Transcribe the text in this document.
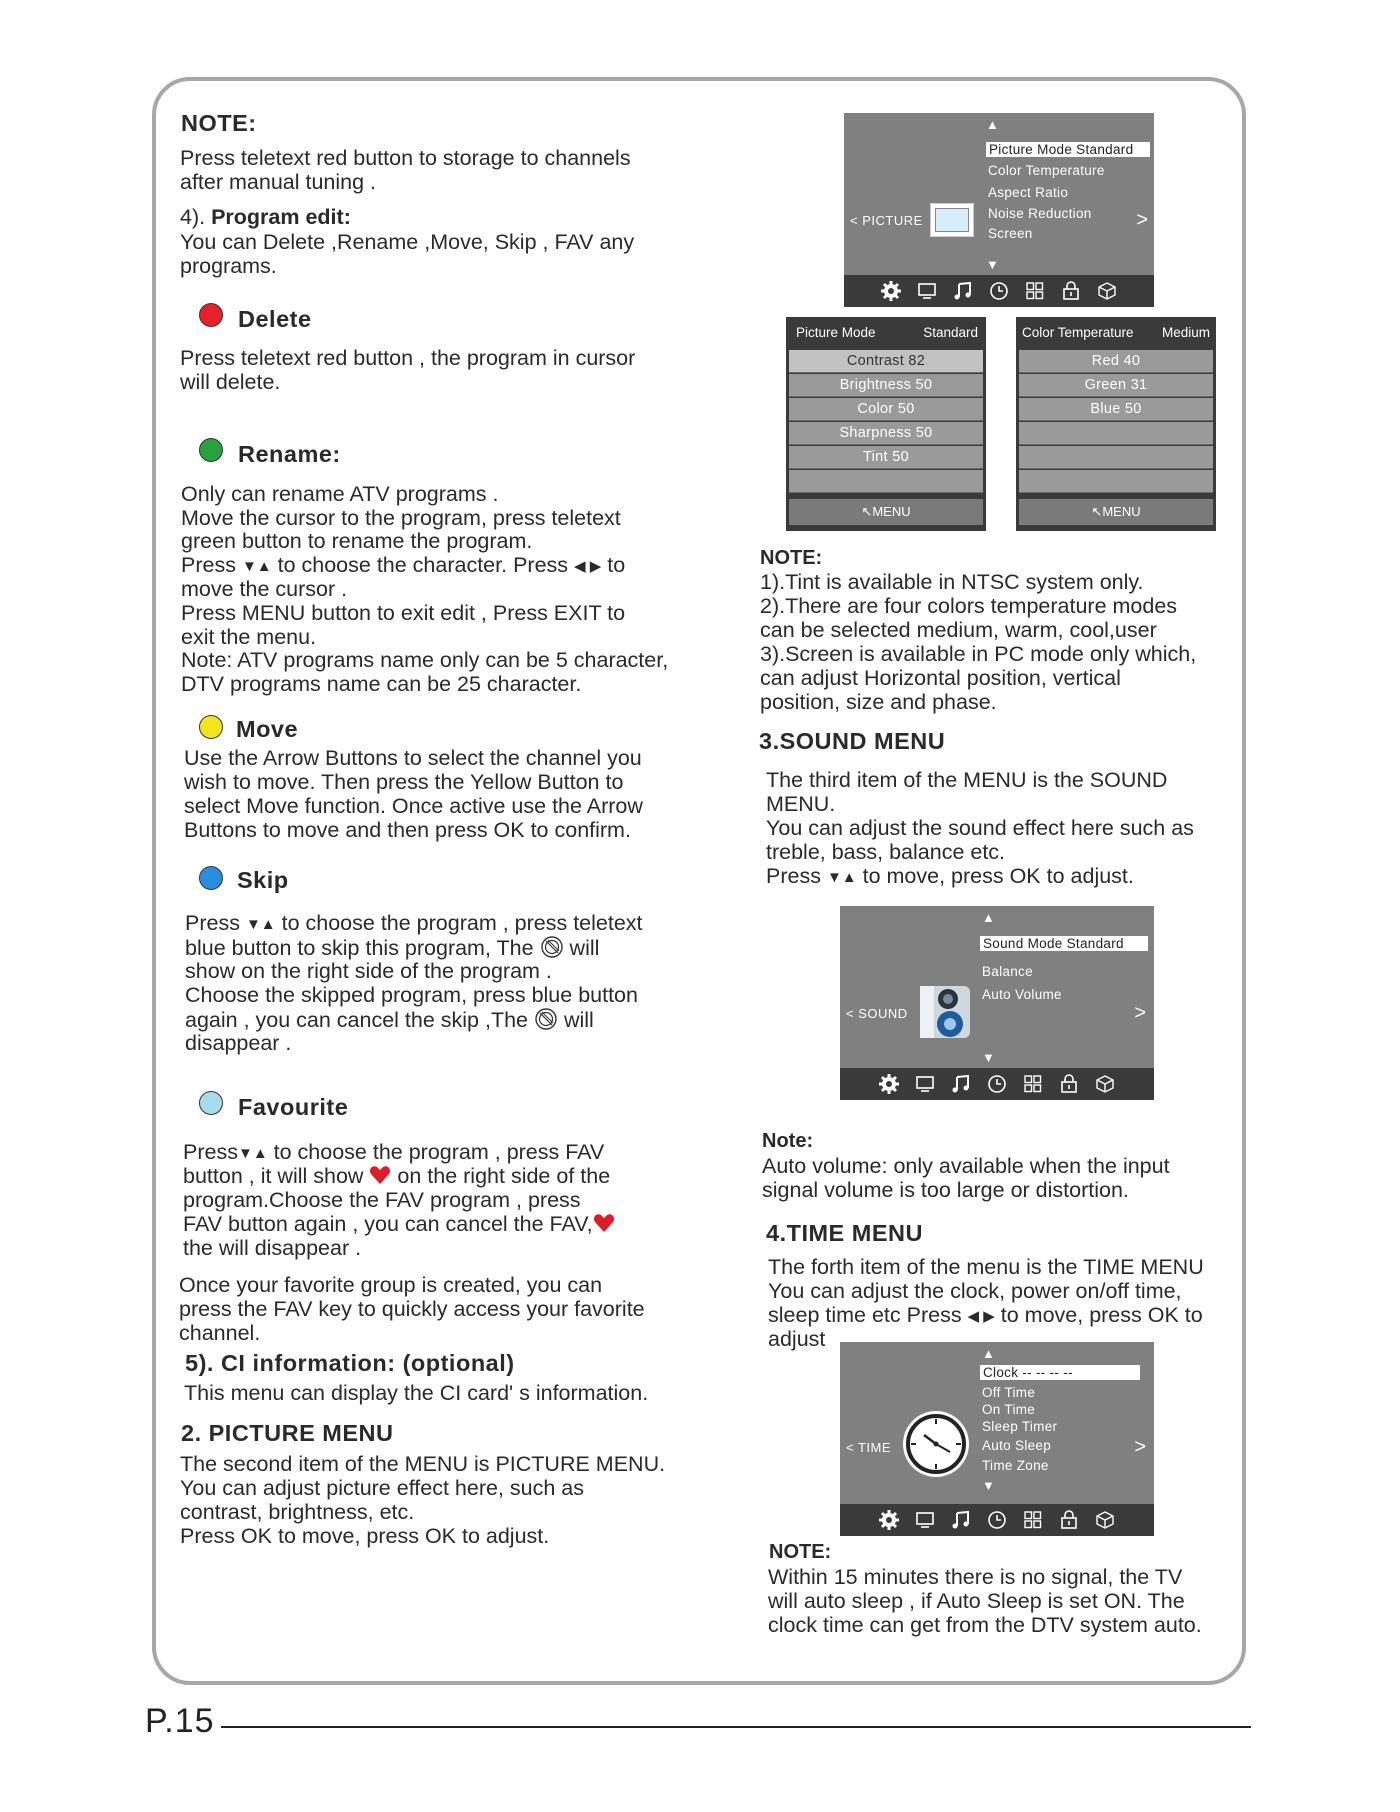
NOTE:
Press teletext red button to storage to channels
after manual tuning .
4). Program edit:
You can Delete ,Rename ,Move, Skip , FAV any
programs.
Delete
Press teletext red button , the program in cursor
will delete.
Rename:
Only can rename ATV programs .
Move the cursor to the program, press teletext
green button to rename the program.
Press ▼▲ to choose the character. Press ◀ ▶ to
move the cursor .
Press MENU button to exit edit , Press EXIT to
exit the menu.
Note: ATV programs name only can be 5 character,
DTV programs name can be 25 character.
Move
Use the Arrow Buttons to select the channel you
wish to move. Then press the Yellow Button to
select Move function. Once active use the Arrow
Buttons to move and then press OK to confirm.
Skip
Press ▼▲ to choose the program , press teletext
blue button to skip this program, The  will
show on the right side of the program .
Choose the skipped program, press blue button
again , you can cancel the skip ,The  will
disappear .
Favourite
Press▼▲ to choose the program , press FAV
button , it will show  on the right side of the
program.Choose the FAV program , press
FAV button again , you can cancel the FAV,
the will disappear .
Once your favorite group is created, you can
press the FAV key to quickly access your favorite
channel.
5). CI information: (optional)
This menu can display the CI card' s information.
2. PICTURE MENU
The second item of the MENU is PICTURE MENU.
You can adjust picture effect here, such as
contrast, brightness, etc.
Press OK to move, press OK to adjust.
▲
Picture Mode Standard
Color Temperature
Aspect Ratio
Noise Reduction
Screen
< PICTURE	>
▼
Picture Mode	Standard
Contrast 82
Brightness 50
Color 50
Sharpness 50
Tint 50
↖MENU
Color Temperature Medium
Red 40
Green 31
Blue 50
↖MENU
NOTE:
1).Tint is available in NTSC system only.
2).There are four colors temperature modes
can be selected medium, warm, cool,user
3).Screen is available in PC mode only which,
can adjust Horizontal position, vertical
position, size and phase.
3.SOUND MENU
The third item of the MENU is the SOUND
MENU.
You can adjust the sound effect here such as
treble, bass, balance etc.
Press ▼▲ to move, press OK to adjust.
▲
Sound Mode Standard
Balance
Auto Volume
< SOUND	>
▼
Note:
Auto volume: only available when the input
signal volume is too large or distortion.
4.TIME MENU
The forth item of the menu is the TIME MENU
You can adjust the clock, power on/off time,
sleep time etc Press ◀ ▶ to move, press OK to
adjust
▲
Clock -- -- -- --
Off Time
On Time
Sleep Timer
Auto Sleep
Time Zone
< TIME	>
▼
NOTE:
Within 15 minutes there is no signal, the TV
will auto sleep , if Auto Sleep is set ON. The
clock time can get from the DTV system auto.
P.15
